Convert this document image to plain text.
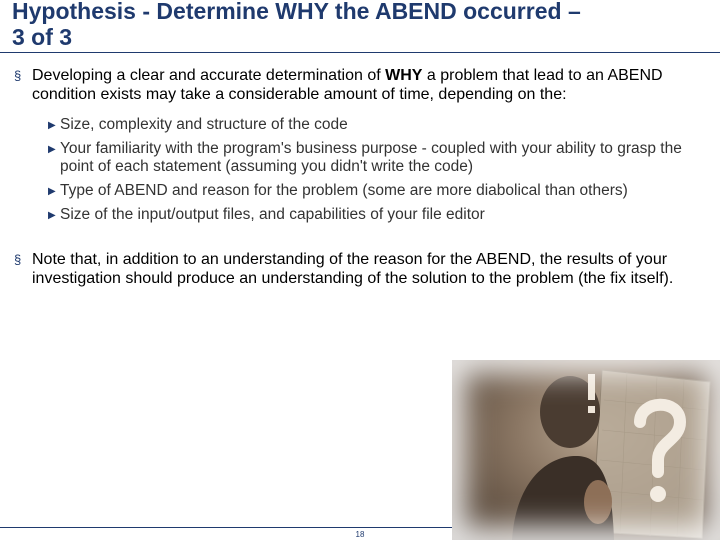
Hypothesis - Determine WHY the ABEND occurred –
3 of 3
§ Developing a clear and accurate determination of WHY a problem that lead to an ABEND condition exists may take a considerable amount of time, depending on the:
▶ Size, complexity and structure of the code
▶ Your familiarity with the program's business purpose - coupled with your ability to grasp the point of each statement (assuming you didn't write the code)
▶ Type of ABEND and reason for the problem (some are more diabolical than others)
▶ Size of the input/output files, and capabilities of your file editor
§ Note that, in addition to an understanding of the reason for the ABEND, the results of your investigation should produce an understanding of the solution to the problem (the fix itself).
18
